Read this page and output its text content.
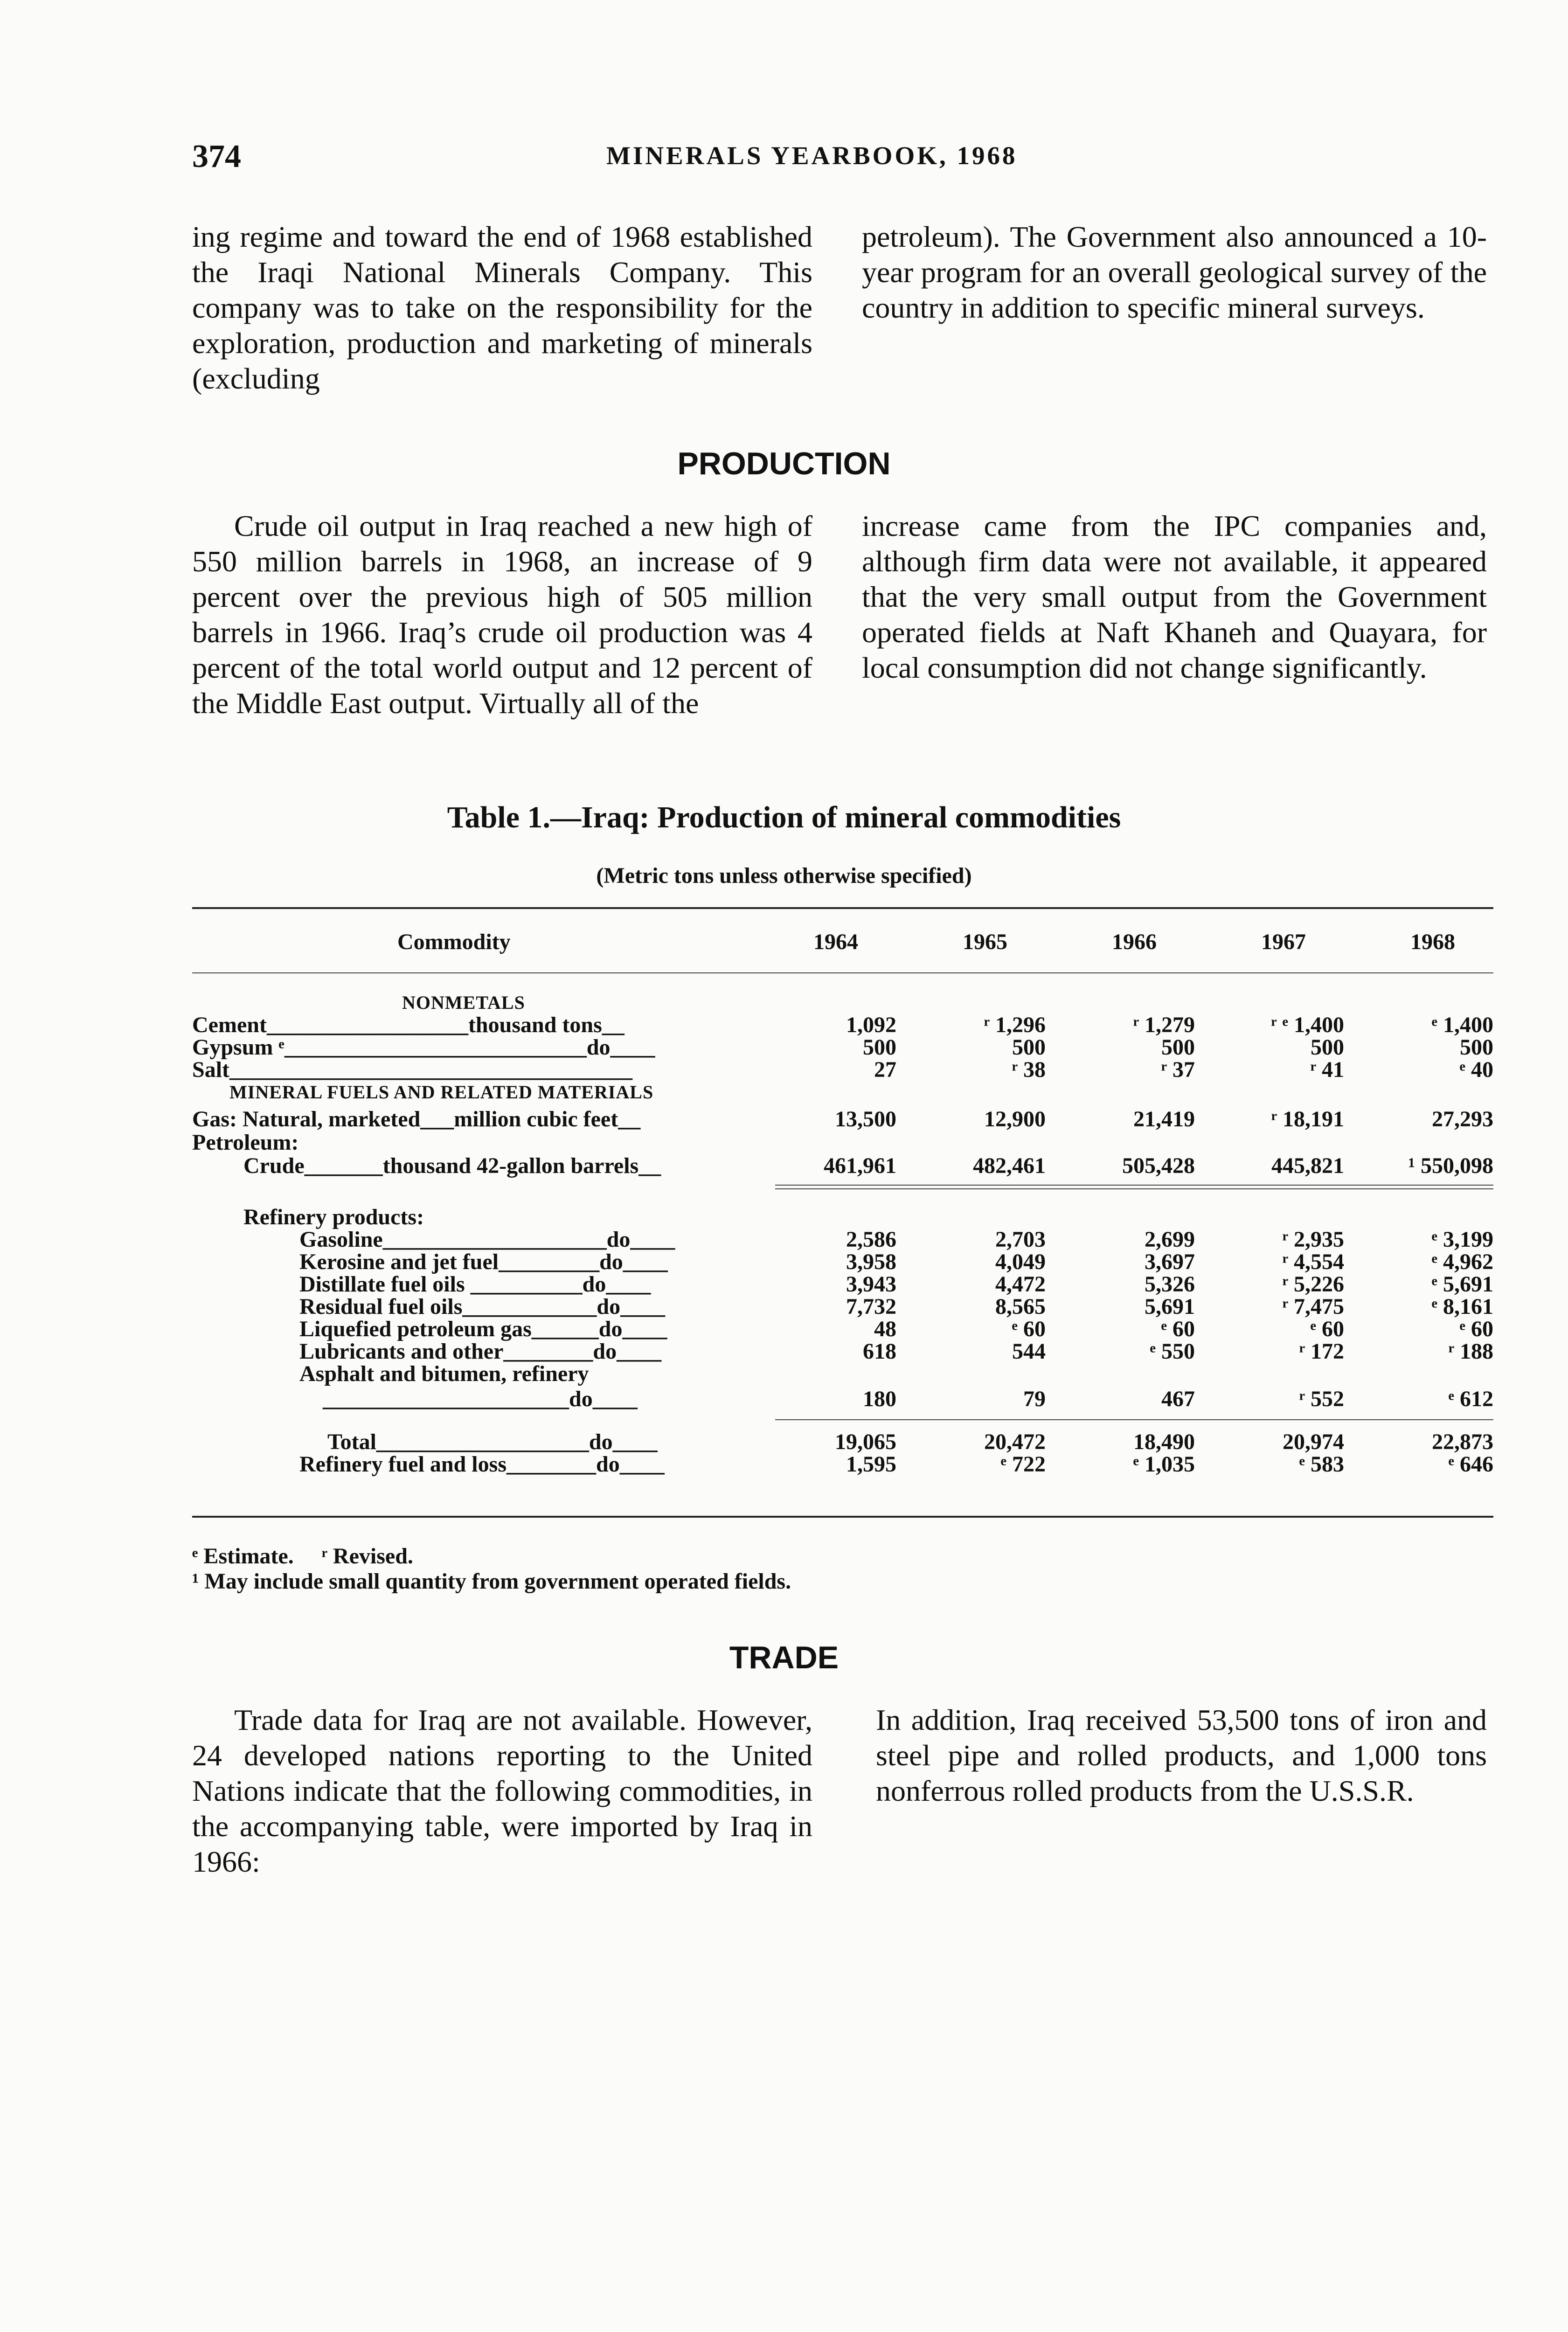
374	MINERALS YEARBOOK, 1968

ing regime and toward the end of 1968 established the Iraqi National Minerals Company. This company was to take on the responsibility for the exploration, production and marketing of minerals (excluding

petroleum). The Government also announced a 10-year program for an overall geological survey of the country in addition to specific mineral surveys.

PRODUCTION

Crude oil output in Iraq reached a new high of 550 million barrels in 1968, an increase of 9 percent over the previous high of 505 million barrels in 1966. Iraq’s crude oil production was 4 percent of the total world output and 12 percent of the Middle East output. Virtually all of the

increase came from the IPC companies and, although firm data were not available, it appeared that the very small output from the Government operated fields at Naft Khaneh and Quayara, for local consumption did not change significantly.

Table 1.—Iraq: Production of mineral commodities
(Metric tons unless otherwise specified)
Commodity	1964	1965	1966	1967	1968
NONMETALS
Cement__________________thousand tons__	1,092	ʳ 1,296	ʳ 1,279	ʳ ᵉ 1,400	ᵉ 1,400
Gypsum ᵉ___________________________do____	500	500	500	500	500
Salt____________________________________	27	ʳ 38	ʳ 37	ʳ 41	ᵉ 40
MINERAL FUELS AND RELATED MATERIALS
Gas: Natural, marketed___million cubic feet__	13,500	12,900	21,419	ʳ 18,191	27,293
Petroleum:
Crude_______thousand 42-gallon barrels__	461,961	482,461	505,428	445,821	¹ 550,098
Refinery products:
Gasoline____________________do____	2,586	2,703	2,699	ʳ 2,935	ᵉ 3,199
Kerosine and jet fuel_________do____	3,958	4,049	3,697	ʳ 4,554	ᵉ 4,962
Distillate fuel oils __________do____	3,943	4,472	5,326	ʳ 5,226	ᵉ 5,691
Residual fuel oils____________do____	7,732	8,565	5,691	ʳ 7,475	ᵉ 8,161
Liquefied petroleum gas______do____	48	ᵉ 60	ᵉ 60	ᵉ 60	ᵉ 60
Lubricants and other________do____	618	544	ᵉ 550	ʳ 172	ʳ 188
Asphalt and bitumen, refinery
______________________do____	180	79	467	ʳ 552	ᵉ 612
Total___________________do____	19,065	20,472	18,490	20,974	22,873
Refinery fuel and loss________do____	1,595	ᵉ 722	ᵉ 1,035	ᵉ 583	ᵉ 646
ᵉ Estimate.     ʳ Revised.
¹ May include small quantity from government operated fields.
TRADE

Trade data for Iraq are not available. However, 24 developed nations reporting to the United Nations indicate that the following commodities, in the accompanying table, were imported by Iraq in 1966:

In addition, Iraq received 53,500 tons of iron and steel pipe and rolled products, and 1,000 tons nonferrous rolled products from the U.S.S.R.
